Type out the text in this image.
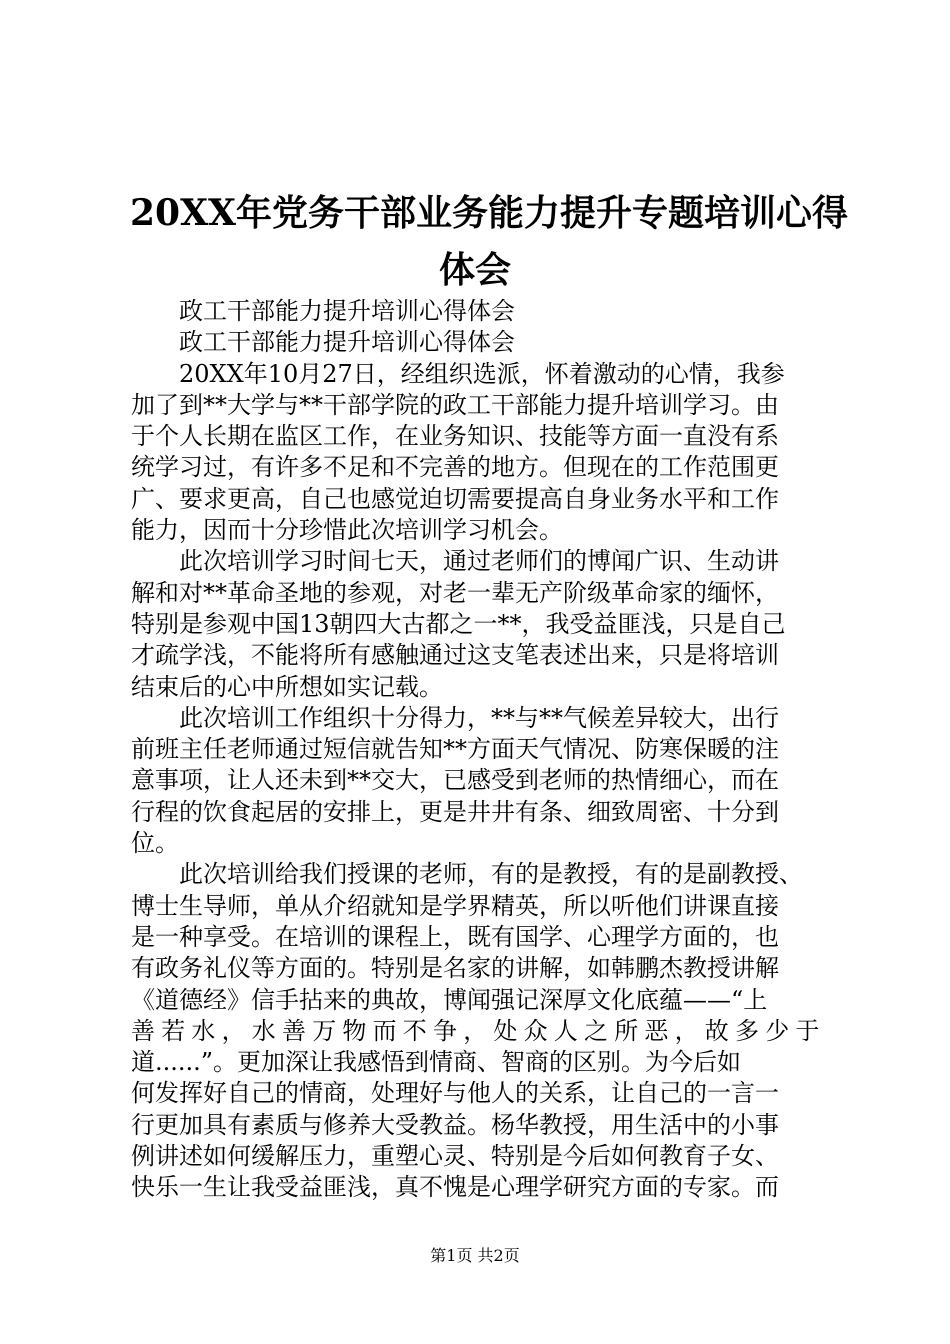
20XX年党务干部业务能力提升专题培训心得
体会
政工干部能力提升培训心得体会
政工干部能力提升培训心得体会
20XX年10月27日，经组织选派，怀着激动的心情，我参
加了到**大学与**干部学院的政工干部能力提升培训学习。由
于个人长期在监区工作，在业务知识、技能等方面一直没有系
统学习过，有许多不足和不完善的地方。但现在的工作范围更
广、要求更高，自己也感觉迫切需要提高自身业务水平和工作
能力，因而十分珍惜此次培训学习机会。
此次培训学习时间七天，通过老师们的博闻广识、生动讲
解和对**革命圣地的参观，对老一辈无产阶级革命家的缅怀，
特别是参观中国13朝四大古都之一**，我受益匪浅，只是自己
才疏学浅，不能将所有感触通过这支笔表述出来，只是将培训
结束后的心中所想如实记载。
此次培训工作组织十分得力，**与**气候差异较大，出行
前班主任老师通过短信就告知**方面天气情况、防寒保暖的注
意事项，让人还未到**交大，已感受到老师的热情细心，而在
行程的饮食起居的安排上，更是井井有条、细致周密、十分到
位。
此次培训给我们授课的老师，有的是教授，有的是副教授、
博士生导师，单从介绍就知是学界精英，所以听他们讲课直接
是一种享受。在培训的课程上，既有国学、心理学方面的，也
有政务礼仪等方面的。特别是名家的讲解，如韩鹏杰教授讲解
《道德经》信手拈来的典故，博闻强记深厚文化底蕴——“上
善若水，水善万物而不争，处众人之所恶，故多少于
道......”。更加深让我感悟到情商、智商的区别。为今后如
何发挥好自己的情商，处理好与他人的关系，让自己的一言一
行更加具有素质与修养大受教益。杨华教授，用生活中的小事
例讲述如何缓解压力，重塑心灵、特别是今后如何教育子女、
快乐一生让我受益匪浅，真不愧是心理学研究方面的专家。而
第1页 共2页
